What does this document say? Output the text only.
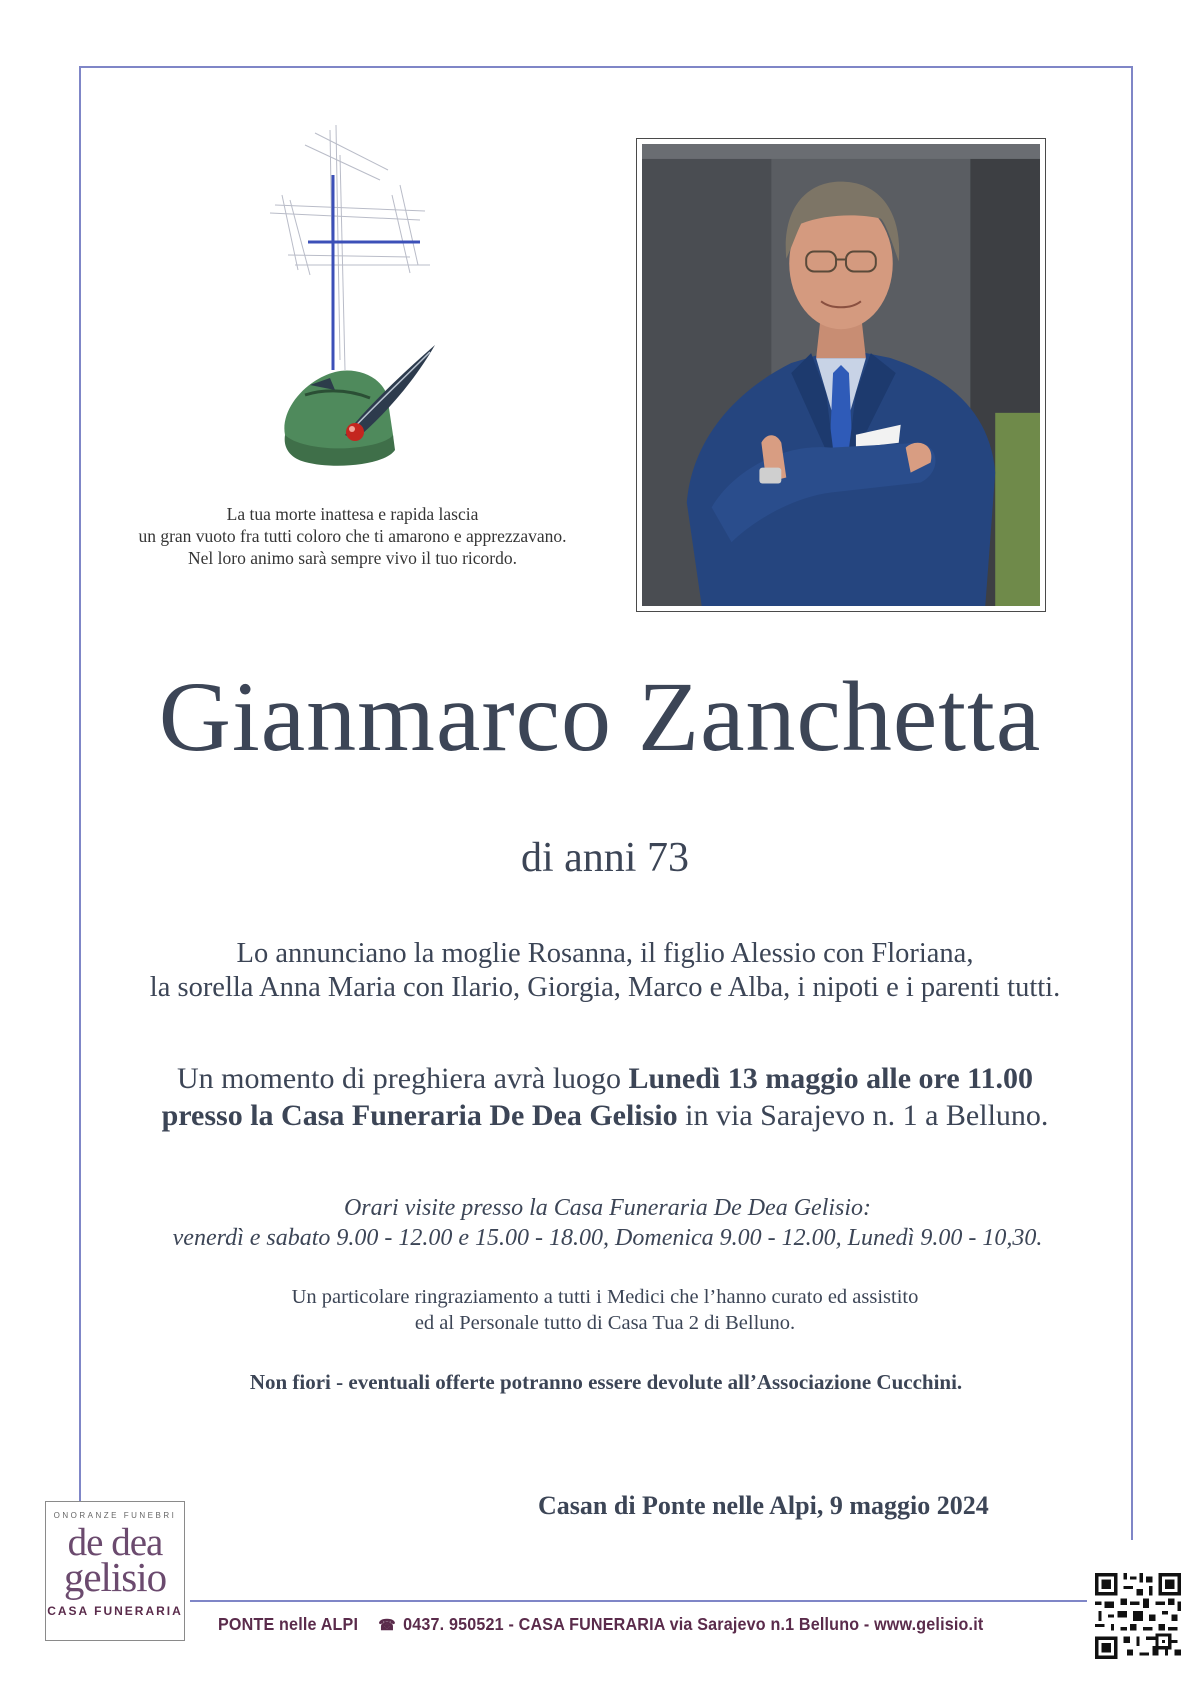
La tua morte inattesa e rapida lascia
un gran vuoto fra tutti coloro che ti amarono e apprezzavano.
Nel loro animo sarà sempre vivo il tuo ricordo.
Gianmarco Zanchetta
di anni 73
Lo annunciano la moglie Rosanna, il figlio Alessio con Floriana,
la sorella Anna Maria con Ilario, Giorgia, Marco e Alba, i nipoti e i parenti tutti.
Un momento di preghiera avrà luogo Lunedì 13 maggio alle ore 11.00
presso la Casa Funeraria De Dea Gelisio in via Sarajevo n. 1 a Belluno.
Orari visite presso la Casa Funeraria De Dea Gelisio:
venerdì e sabato 9.00 - 12.00 e 15.00 - 18.00, Domenica 9.00 - 12.00, Lunedì 9.00 - 10,30.
Un particolare ringraziamento a tutti i Medici che l’hanno curato ed assistito
ed al Personale tutto di Casa Tua 2 di Belluno.
Non fiori - eventuali offerte potranno essere devolute all’Associazione Cucchini.
Casan di Ponte nelle Alpi, 9 maggio 2024
ONORANZE FUNEBRI
de dea
gelisio
CASA FUNERARIA
PONTE nelle ALPI ☎ 0437. 950521 - CASA FUNERARIA via Sarajevo n.1 Belluno - www.gelisio.it
